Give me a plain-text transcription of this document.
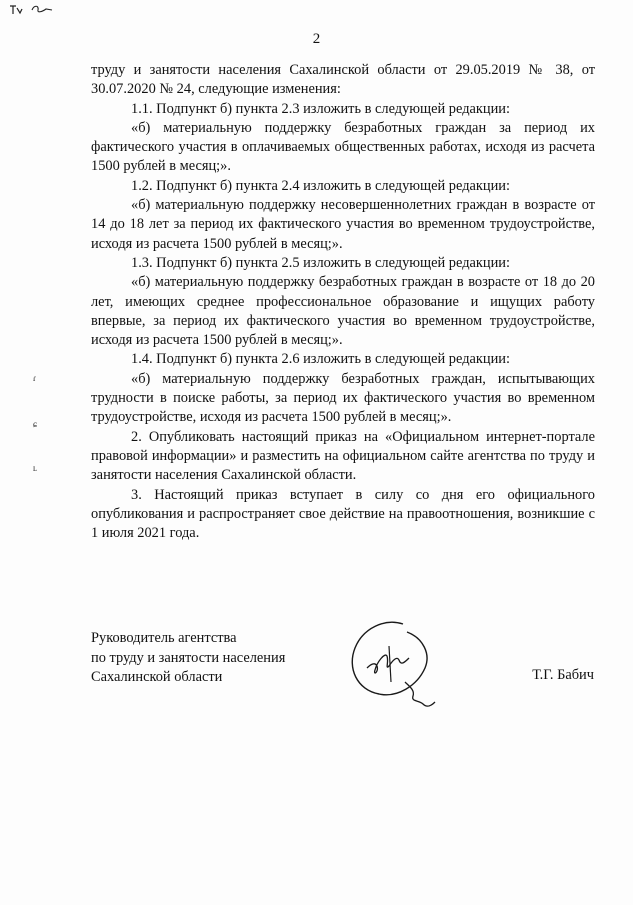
2

труду и занятости населения Сахалинской области от 29.05.2019 № 38, от 30.07.2020 № 24, следующие изменения:

1.1. Подпункт б) пункта 2.3 изложить в следующей редакции:

«б) материальную поддержку безработных граждан за период их фактического участия в оплачиваемых общественных работах, исходя из расчета 1500 рублей в месяц;».

1.2. Подпункт б) пункта 2.4 изложить в следующей редакции:

«б) материальную поддержку несовершеннолетних граждан в возрасте от 14 до 18 лет за период их фактического участия во временном трудоустройстве, исходя из расчета 1500 рублей в месяц;».

1.3. Подпункт б) пункта 2.5 изложить в следующей редакции:

«б) материальную поддержку безработных граждан в возрасте от 18 до 20 лет, имеющих среднее профессиональное образование и ищущих работу впервые, за период их фактического участия во временном трудоустройстве, исходя из расчета 1500 рублей в месяц;».

1.4. Подпункт б) пункта 2.6 изложить в следующей редакции:

«б) материальную поддержку безработных граждан, испытывающих трудности в поиске работы, за период их фактического участия во временном трудоустройстве, исходя из расчета 1500 рублей в месяц;».

2. Опубликовать настоящий приказ на «Официальном интернет-портале правовой информации» и разместить на официальном сайте агентства по труду и занятости населения Сахалинской области.

3. Настоящий приказ вступает в силу со дня его официального опубликования и распространяет свое действие на правоотношения, возникшие с 1 июля 2021 года.

ɾ
ɕ
ʟ
Руководитель агентства
по труду и занятости населения
Сахалинской области	Т.Г. Бабич
